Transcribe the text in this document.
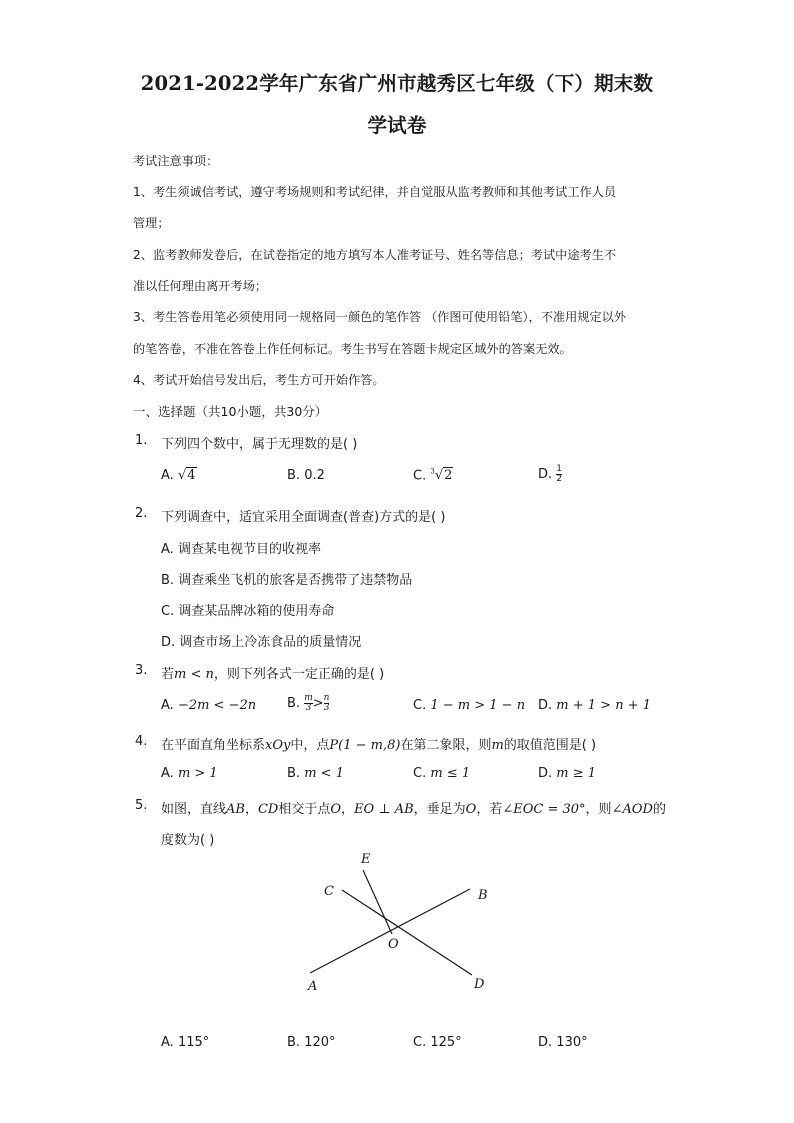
2021-2022学年广东省广州市越秀区七年级（下）期末数
学试卷
考试注意事项：
1、考生须诚信考试，遵守考场规则和考试纪律，并自觉服从监考教师和其他考试工作人员
管理；
2、监考教师发卷后，在试卷指定的地方填写本人准考证号、姓名等信息；考试中途考生不
准以任何理由离开考场；
3、考生答卷用笔必须使用同一规格同一颜色的笔作答 （作图可使用铅笔），不准用规定以外
的笔答卷，不准在答卷上作任何标记。考生书写在答题卡规定区域外的答案无效。
4、考试开始信号发出后，考生方可开始作答。
一、选择题（共10小题，共30分）
1. 下列四个数中，属于无理数的是( )
A. √4	B. 0.2	C. $^3$√2	D. $\frac{1}{2}$
2. 下列调查中，适宜采用全面调查(普查)方式的是( )
A. 调查某电视节目的收视率
B. 调查乘坐飞机的旅客是否携带了违禁物品
C. 调查某品牌冰箱的使用寿命
D. 调查市场上冷冻食品的质量情况
3. 若m < n，则下列各式一定正确的是( )
A. −2m < −2n B. $\frac{m}{3} > \frac{n}{3}$	C. 1 − m > 1 − n D. m + 1 > n + 1
4. 在平面直角坐标系xOy中，点P(1 − m,8)在第二象限，则m的取值范围是( )
A. m > 1	B. m < 1	C. m ≤ 1	D. m ≥ 1
5. 如图，直线AB，CD相交于点O，EO ⊥ AB，垂足为O，若∠EOC = 30°，则∠AOD的
度数为( )
E
C	B
O
A	D
A. 115°	B. 120°	C. 125°	D. 130°
